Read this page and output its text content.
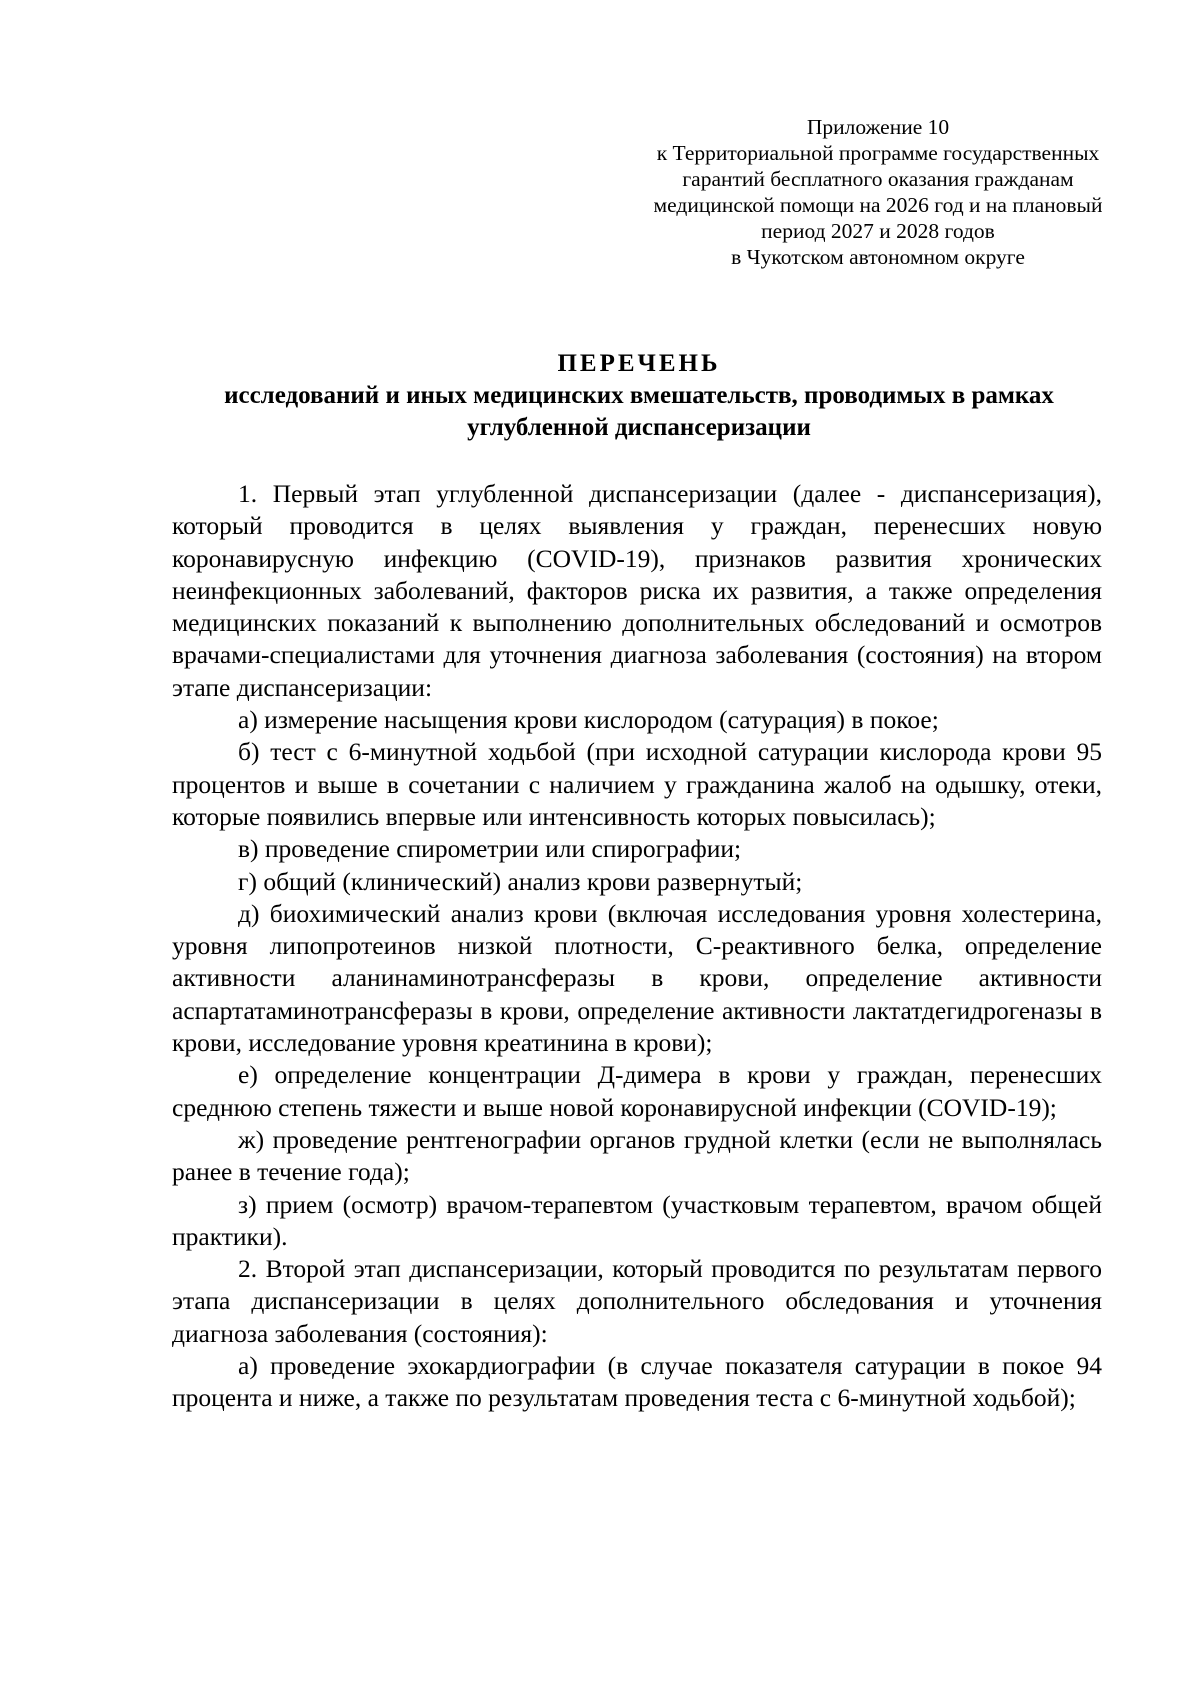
Приложение 10
к Территориальной программе государственных
гарантий бесплатного оказания гражданам
медицинской помощи на 2026 год и на плановый
период 2027 и 2028 годов
в Чукотском автономном округе
ПЕРЕЧЕНЬ
исследований и иных медицинских вмешательств, проводимых в рамках
углубленной диспансеризации

1. Первый этап углубленной диспансеризации (далее - диспансеризация), который проводится в целях выявления у граждан, перенесших новую коронавирусную инфекцию (COVID-19), признаков развития хронических неинфекционных заболеваний, факторов риска их развития, а также определения медицинских показаний к выполнению дополнительных обследований и осмотров врачами-специалистами для уточнения диагноза заболевания (состояния) на втором этапе диспансеризации:

а) измерение насыщения крови кислородом (сатурация) в покое;

б) тест с 6-минутной ходьбой (при исходной сатурации кислорода крови 95 процентов и выше в сочетании с наличием у гражданина жалоб на одышку, отеки, которые появились впервые или интенсивность которых повысилась);

в) проведение спирометрии или спирографии;

г) общий (клинический) анализ крови развернутый;

д) биохимический анализ крови (включая исследования уровня холестерина, уровня липопротеинов низкой плотности, С-реактивного белка, определение активности аланинаминотрансферазы в крови, определение активности аспартатаминотрансферазы в крови, определение активности лактатдегидрогеназы в крови, исследование уровня креатинина в крови);

е) определение концентрации Д-димера в крови у граждан, перенесших среднюю степень тяжести и выше новой коронавирусной инфекции (COVID-19);

ж) проведение рентгенографии органов грудной клетки (если не выполнялась ранее в течение года);

з) прием (осмотр) врачом-терапевтом (участковым терапевтом, врачом общей практики).

2. Второй этап диспансеризации, который проводится по результатам первого этапа диспансеризации в целях дополнительного обследования и уточнения диагноза заболевания (состояния):

а) проведение эхокардиографии (в случае показателя сатурации в покое 94 процента и ниже, а также по результатам проведения теста с 6-минутной ходьбой);
